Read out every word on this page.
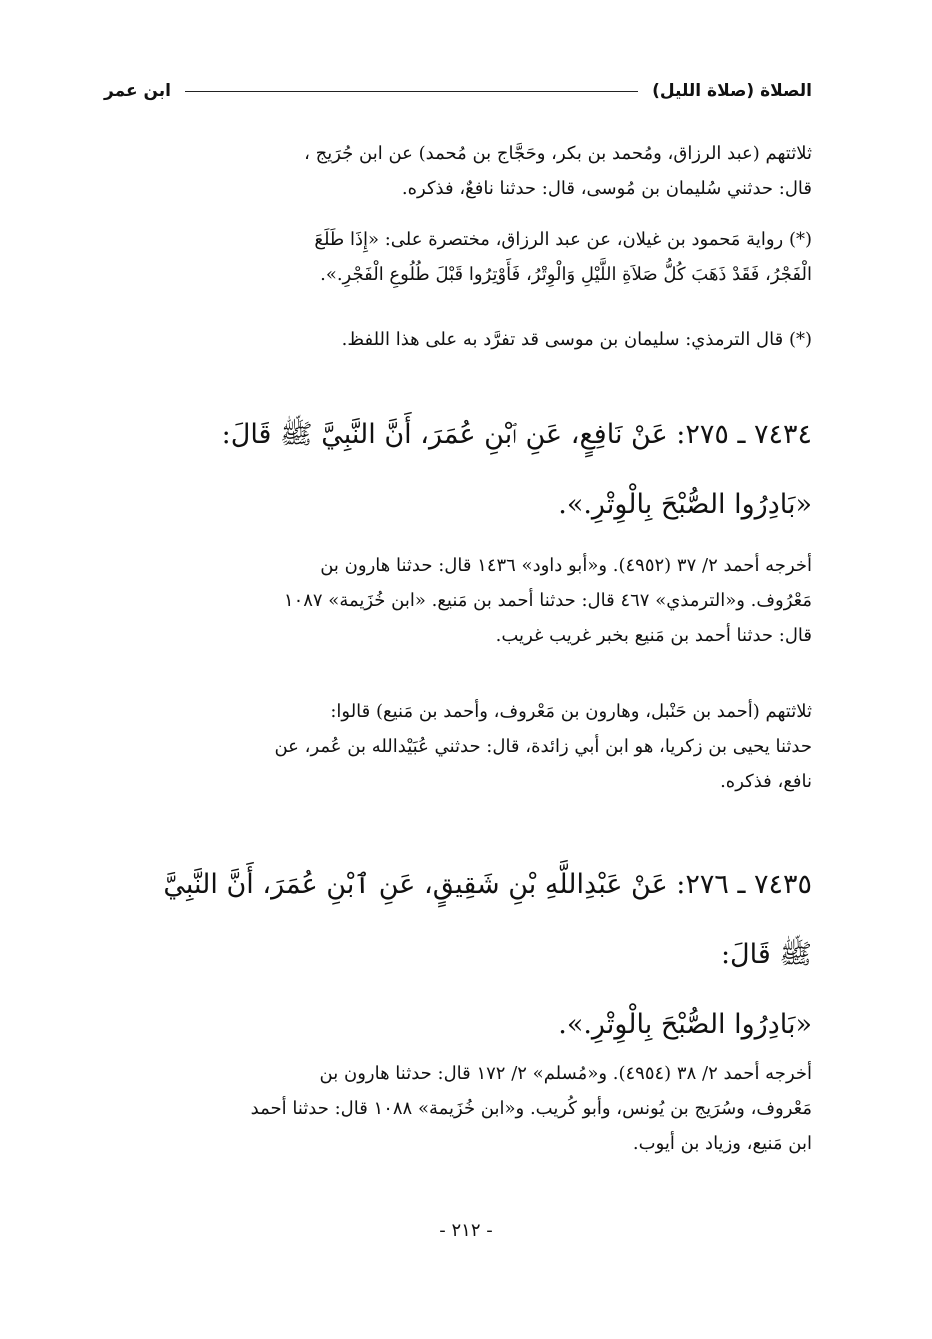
الصلاة (صلاة الليل)
ابن عمر
ثلاثتهم (عبد الرزاق، ومُحمد بن بكر، وحَجَّاج بن مُحمد) عن ابن جُرَيج ،
قال: حدثني سُليمان بن مُوسى، قال: حدثنا نافعٌ، فذكره.
(*) رواية مَحمود بن غيلان، عن عبد الرزاق، مختصرة على: «إِذَا طَلَعَ
الْفَجْرُ، فَقَدْ ذَهَبَ كُلُّ صَلاَةِ اللَّيْلِ وَالْوِتْرُ، فَأَوْتِرُوا قَبْلَ طُلُوعِ الْفَجْرِ.».
(*) قال الترمذي: سليمان بن موسى قد تفرَّد به على هذا اللفظ.
٧٤٣٤ ـ ٢٧٥: عَنْ نَافِعٍ، عَنِ ٱبْنِ عُمَرَ، أَنَّ النَّبِيَّ ﷺ قَالَ:
«بَادِرُوا الصُّبْحَ بِالْوِتْرِ.».
أخرجه أحمد ٢/ ٣٧ (٤٩٥٢). و«أبو داود» ١٤٣٦ قال: حدثنا هارون بن
مَعْرُوف. و«الترمذي» ٤٦٧ قال: حدثنا أحمد بن مَنيع. «ابن خُزَيمة» ١٠٨٧
قال: حدثنا أحمد بن مَنيع بخبر غريب غريب.
ثلاثتهم (أحمد بن حَنْبل، وهارون بن مَعْروف، وأحمد بن مَنيع) قالوا:
حدثنا يحيى بن زكريا، هو ابن أبي زائدة، قال: حدثني عُبَيْدالله بن عُمر، عن
نافع، فذكره.
٧٤٣٥ ـ ٢٧٦: عَنْ عَبْدِاللَّهِ بْنِ شَقِيقٍ، عَنِ ٱبْنِ عُمَرَ، أَنَّ النَّبِيَّ
ﷺ قَالَ:
«بَادِرُوا الصُّبْحَ بِالْوِتْرِ.».
أخرجه أحمد ٢/ ٣٨ (٤٩٥٤). و«مُسلم» ٢/ ١٧٢ قال: حدثنا هارون بن
مَعْروف، وسُرَيج بن يُونس، وأبو كُريب. و«ابن خُزَيمة» ١٠٨٨ قال: حدثنا أحمد
ابن مَنيع، وزياد بن أيوب.
- ٢١٢ -
